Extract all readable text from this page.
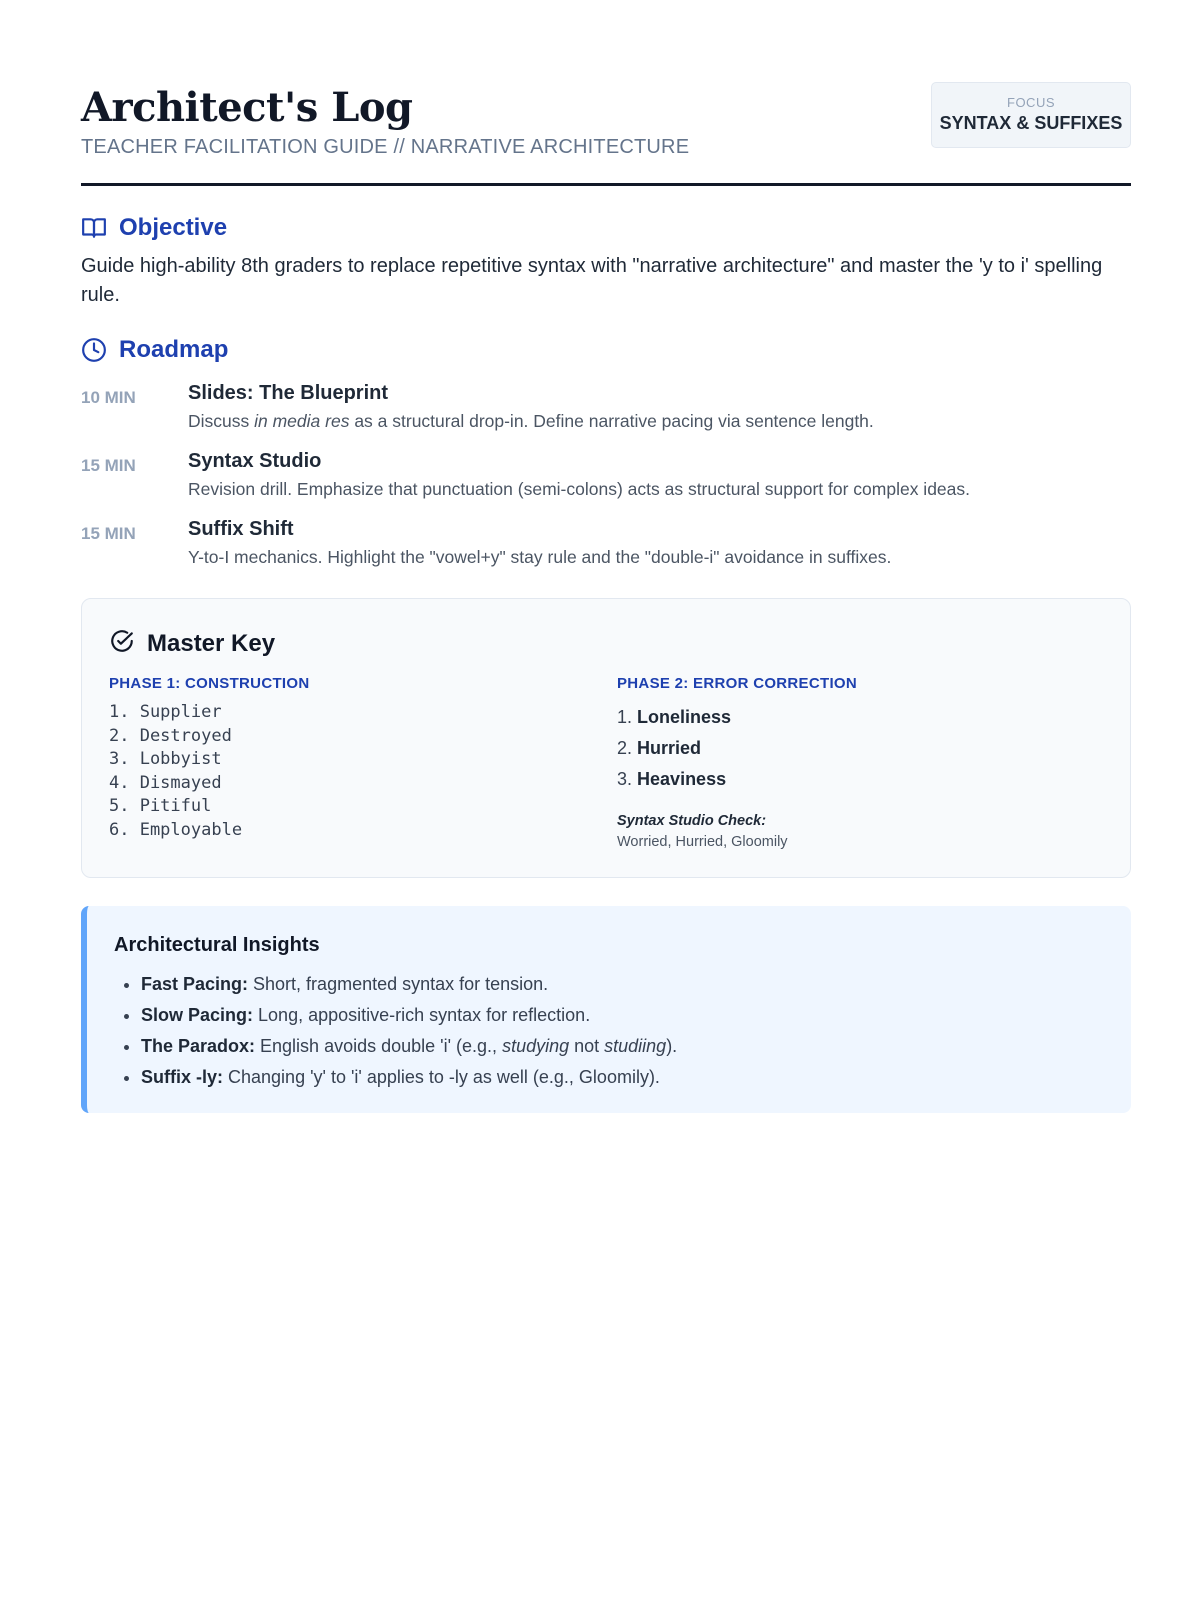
Architect's Log
TEACHER FACILITATION GUIDE // NARRATIVE ARCHITECTURE
FOCUS
SYNTAX & SUFFIXES
Objective

Guide high-ability 8th graders to replace repetitive syntax with "narrative architecture" and master the 'y to i' spelling rule.

Roadmap
10 MIN	Slides: The Blueprint
Discuss in media res as a structural drop-in. Define narrative pacing via sentence length.
15 MIN	Syntax Studio
Revision drill. Emphasize that punctuation (semi-colons) acts as structural support for complex ideas.
15 MIN	Suffix Shift
Y-to-I mechanics. Highlight the "vowel+y" stay rule and the "double-i" avoidance in suffixes.
Master Key
PHASE 1: CONSTRUCTION
1. Supplier
2. Destroyed
3. Lobbyist
4. Dismayed
5. Pitiful
6. Employable
PHASE 2: ERROR CORRECTION
1. Loneliness
2. Hurried
3. Heaviness
Syntax Studio Check:
Worried, Hurried, Gloomily
Architectural Insights
• Fast Pacing: Short, fragmented syntax for tension.
• Slow Pacing: Long, appositive-rich syntax for reflection.
• The Paradox: English avoids double 'i' (e.g., studying not studiing).
• Suffix -ly: Changing 'y' to 'i' applies to -ly as well (e.g., Gloomily).
